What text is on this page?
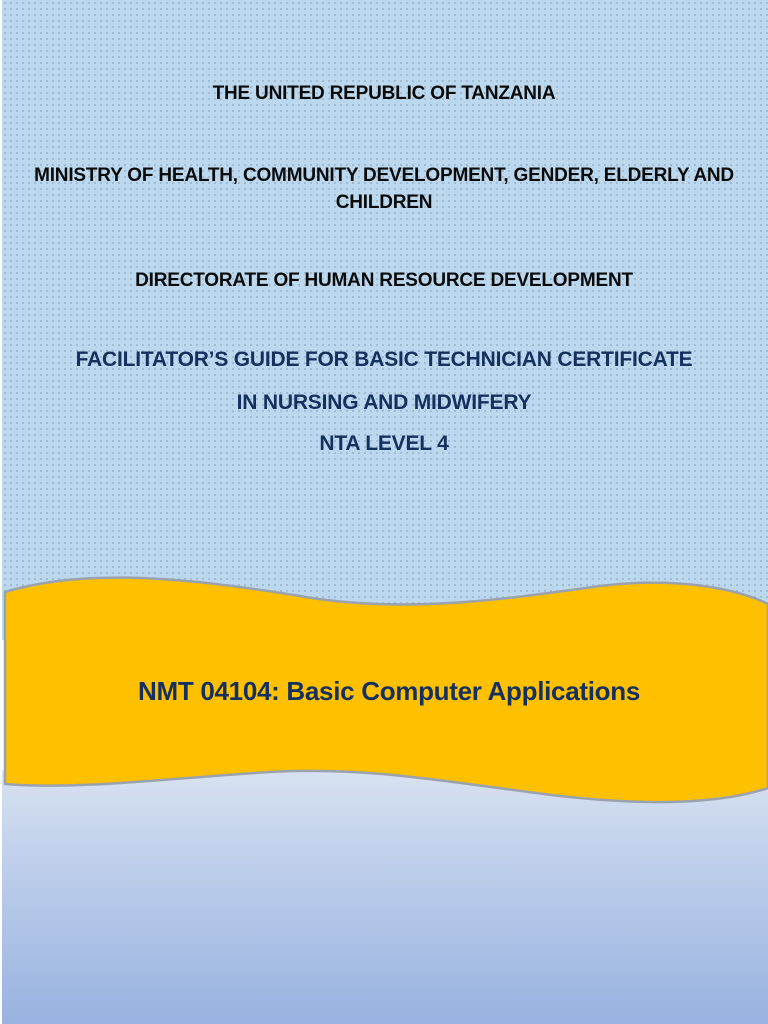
THE UNITED REPUBLIC OF TANZANIA
MINISTRY OF HEALTH, COMMUNITY DEVELOPMENT, GENDER, ELDERLY AND
CHILDREN
DIRECTORATE OF HUMAN RESOURCE DEVELOPMENT
FACILITATOR’S GUIDE FOR BASIC TECHNICIAN CERTIFICATE
IN NURSING AND MIDWIFERY
NTA LEVEL 4
NMT 04104: Basic Computer Applications
